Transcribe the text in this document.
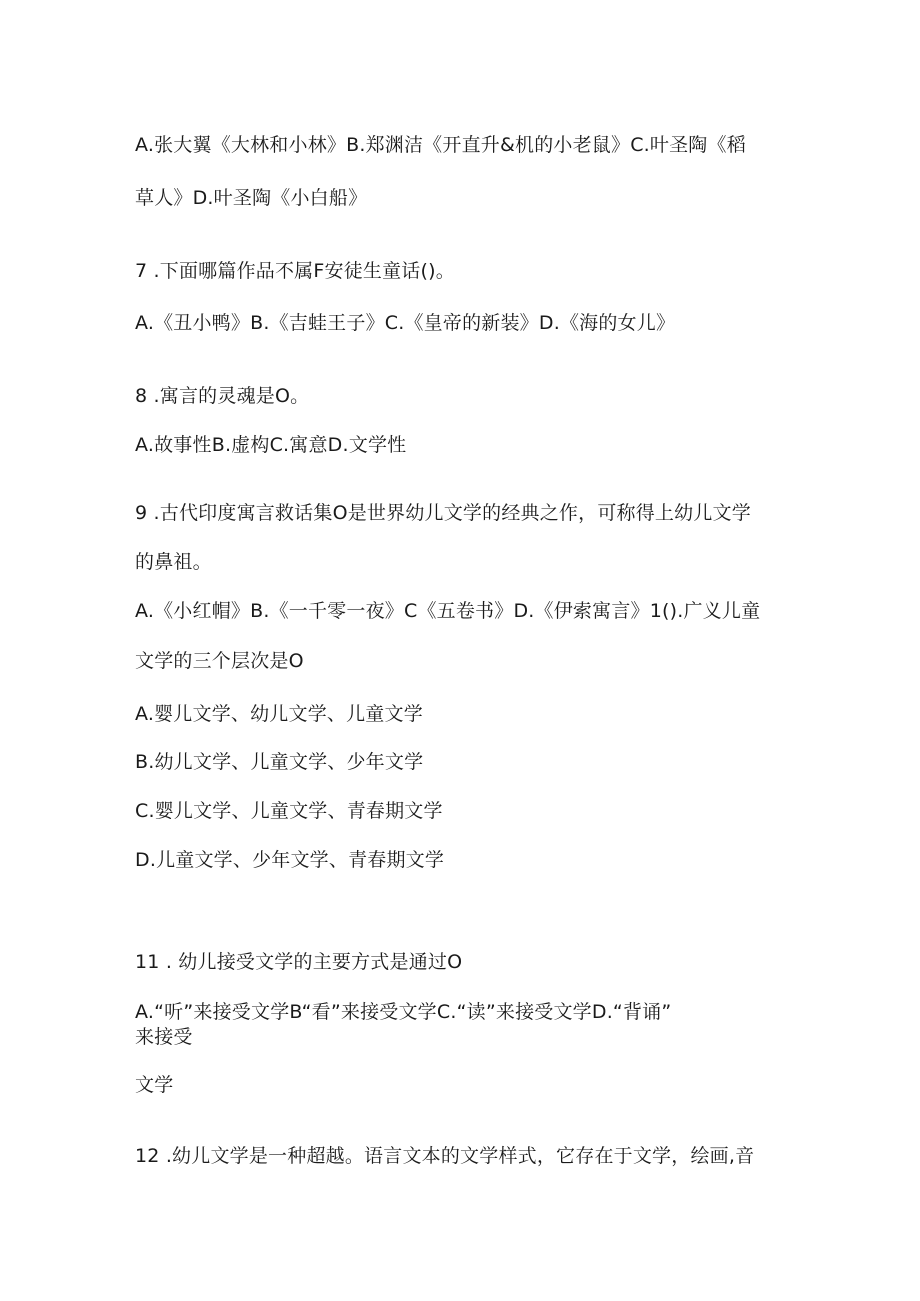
A.张大翼《大林和小林》B.郑渊洁《开直升&机的小老鼠》C.叶圣陶《稻
草人》D.叶圣陶《小白船》
7 .下面哪篇作品不属F安徒生童话()。
A.《丑小鸭》B.《吉蛙王子》C.《皇帝的新装》D.《海的女儿》
8 .寓言的灵魂是O。
A.故事性B.虚构C.寓意D.文学性
9 .古代印度寓言救话集O是世界幼儿文学的经典之作，可称得上幼儿文学
的鼻祖。
A.《小红帽》B.《一千零一夜》C《五卷书》D.《伊索寓言》1().广义儿童
文学的三个层次是O
A.婴儿文学、幼儿文学、儿童文学
B.幼儿文学、儿童文学、少年文学
C.婴儿文学、儿童文学、青春期文学
D.儿童文学、少年文学、青春期文学
11 . 幼儿接受文学的主要方式是通过O
A.“听”来接受文学B“看”来接受文学C.“读”来接受文学D.“背诵”
来接受
文学
12 .幼儿文学是一种超越。语言文本的文学样式，它存在于文学，绘画,音
